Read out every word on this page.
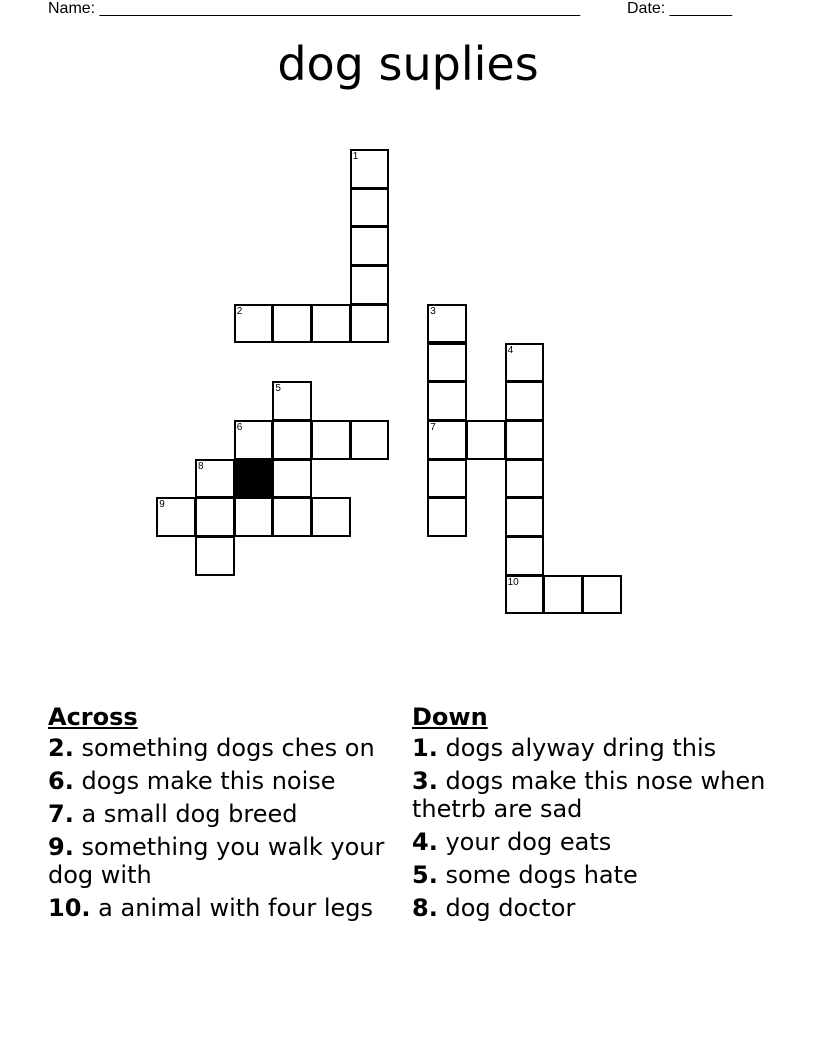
Name: ______________________________________________________	Date: _______
dog suplies
1
2	3
7
4
10
5
6
8
9
Across
2. something dogs ches on
6. dogs make this noise
7. a small dog breed
9. something you walk your dog with
10. a animal with four legs
Down
1. dogs alyway dring this
3. dogs make this nose when thetrb are sad
4. your dog eats
5. some dogs hate
8. dog doctor
